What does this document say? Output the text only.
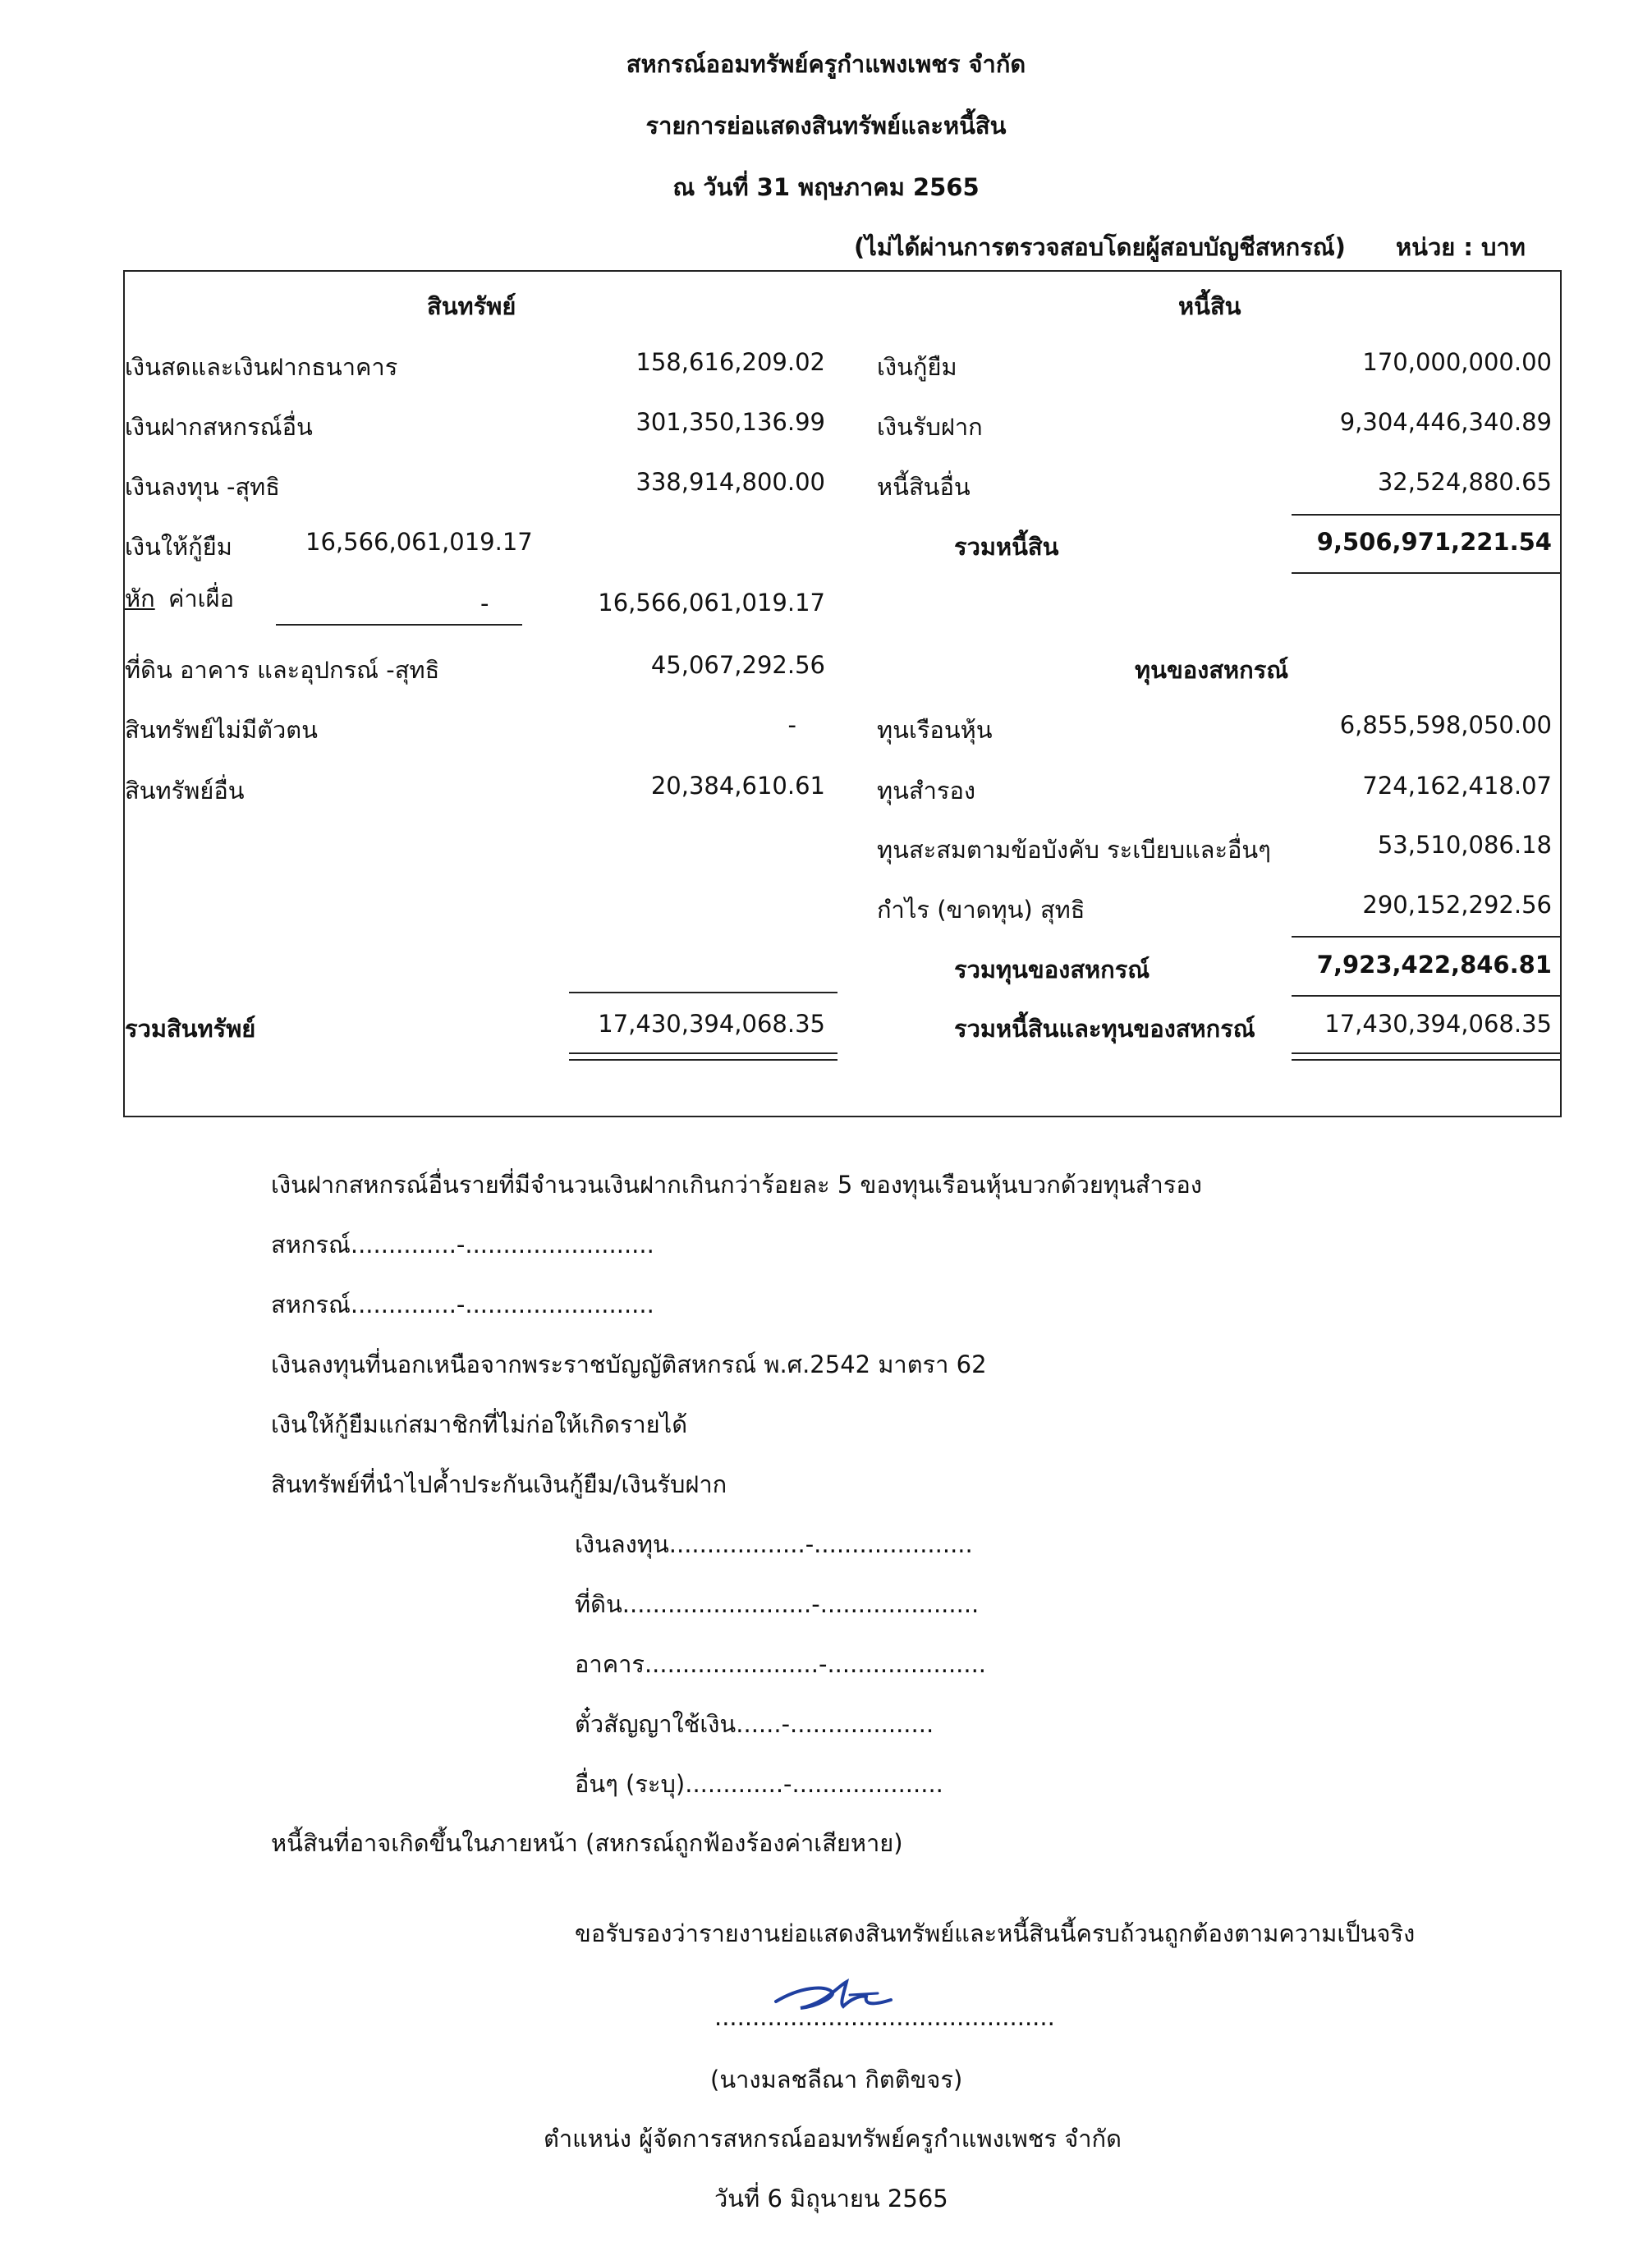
สหกรณ์ออมทรัพย์ครูกำแพงเพชร จำกัด
รายการย่อแสดงสินทรัพย์และหนี้สิน
ณ วันที่ 31 พฤษภาคม 2565
(ไม่ได้ผ่านการตรวจสอบโดยผู้สอบบัญชีสหกรณ์) หน่วย : บาท
สินทรัพย์
เงินสดและเงินฝากธนาคาร	158,616,209.02
เงินฝากสหกรณ์อื่น	301,350,136.99
เงินลงทุน -สุทธิ	338,914,800.00
เงินให้กู้ยืม	16,566,061,019.17
หัก ค่าเผื่อ	-	16,566,061,019.17
ที่ดิน อาคาร และอุปกรณ์ -สุทธิ	45,067,292.56
สินทรัพย์ไม่มีตัวตน	-
สินทรัพย์อื่น	20,384,610.61
รวมสินทรัพย์	17,430,394,068.35
หนี้สิน
เงินกู้ยืม	170,000,000.00
เงินรับฝาก	9,304,446,340.89
หนี้สินอื่น	32,524,880.65
รวมหนี้สิน	9,506,971,221.54
ทุนของสหกรณ์
ทุนเรือนหุ้น	6,855,598,050.00
ทุนสำรอง	724,162,418.07
ทุนสะสมตามข้อบังคับ ระเบียบและอื่นๆ	53,510,086.18
กำไร (ขาดทุน) สุทธิ	290,152,292.56
รวมทุนของสหกรณ์	7,923,422,846.81
รวมหนี้สินและทุนของสหกรณ์	17,430,394,068.35
เงินฝากสหกรณ์อื่นรายที่มีจำนวนเงินฝากเกินกว่าร้อยละ 5 ของทุนเรือนหุ้นบวกด้วยทุนสำรอง
สหกรณ์..............-.........................
สหกรณ์..............-.........................
เงินลงทุนที่นอกเหนือจากพระราชบัญญัติสหกรณ์ พ.ศ.2542 มาตรา 62
เงินให้กู้ยืมแก่สมาชิกที่ไม่ก่อให้เกิดรายได้
สินทรัพย์ที่นำไปค้ำประกันเงินกู้ยืม/เงินรับฝาก
เงินลงทุน..................-.....................
ที่ดิน.........................-.....................
อาคาร.......................-.....................
ตั๋วสัญญาใช้เงิน......-...................
อื่นๆ (ระบุ).............-....................
หนี้สินที่อาจเกิดขึ้นในภายหน้า (สหกรณ์ถูกฟ้องร้องค่าเสียหาย)
ขอรับรองว่ารายงานย่อแสดงสินทรัพย์และหนี้สินนี้ครบถ้วนถูกต้องตามความเป็นจริง
.............................................
(นางมลชลีณา กิตติขจร)
ตำแหน่ง ผู้จัดการสหกรณ์ออมทรัพย์ครูกำแพงเพชร จำกัด
วันที่ 6 มิถุนายน 2565
